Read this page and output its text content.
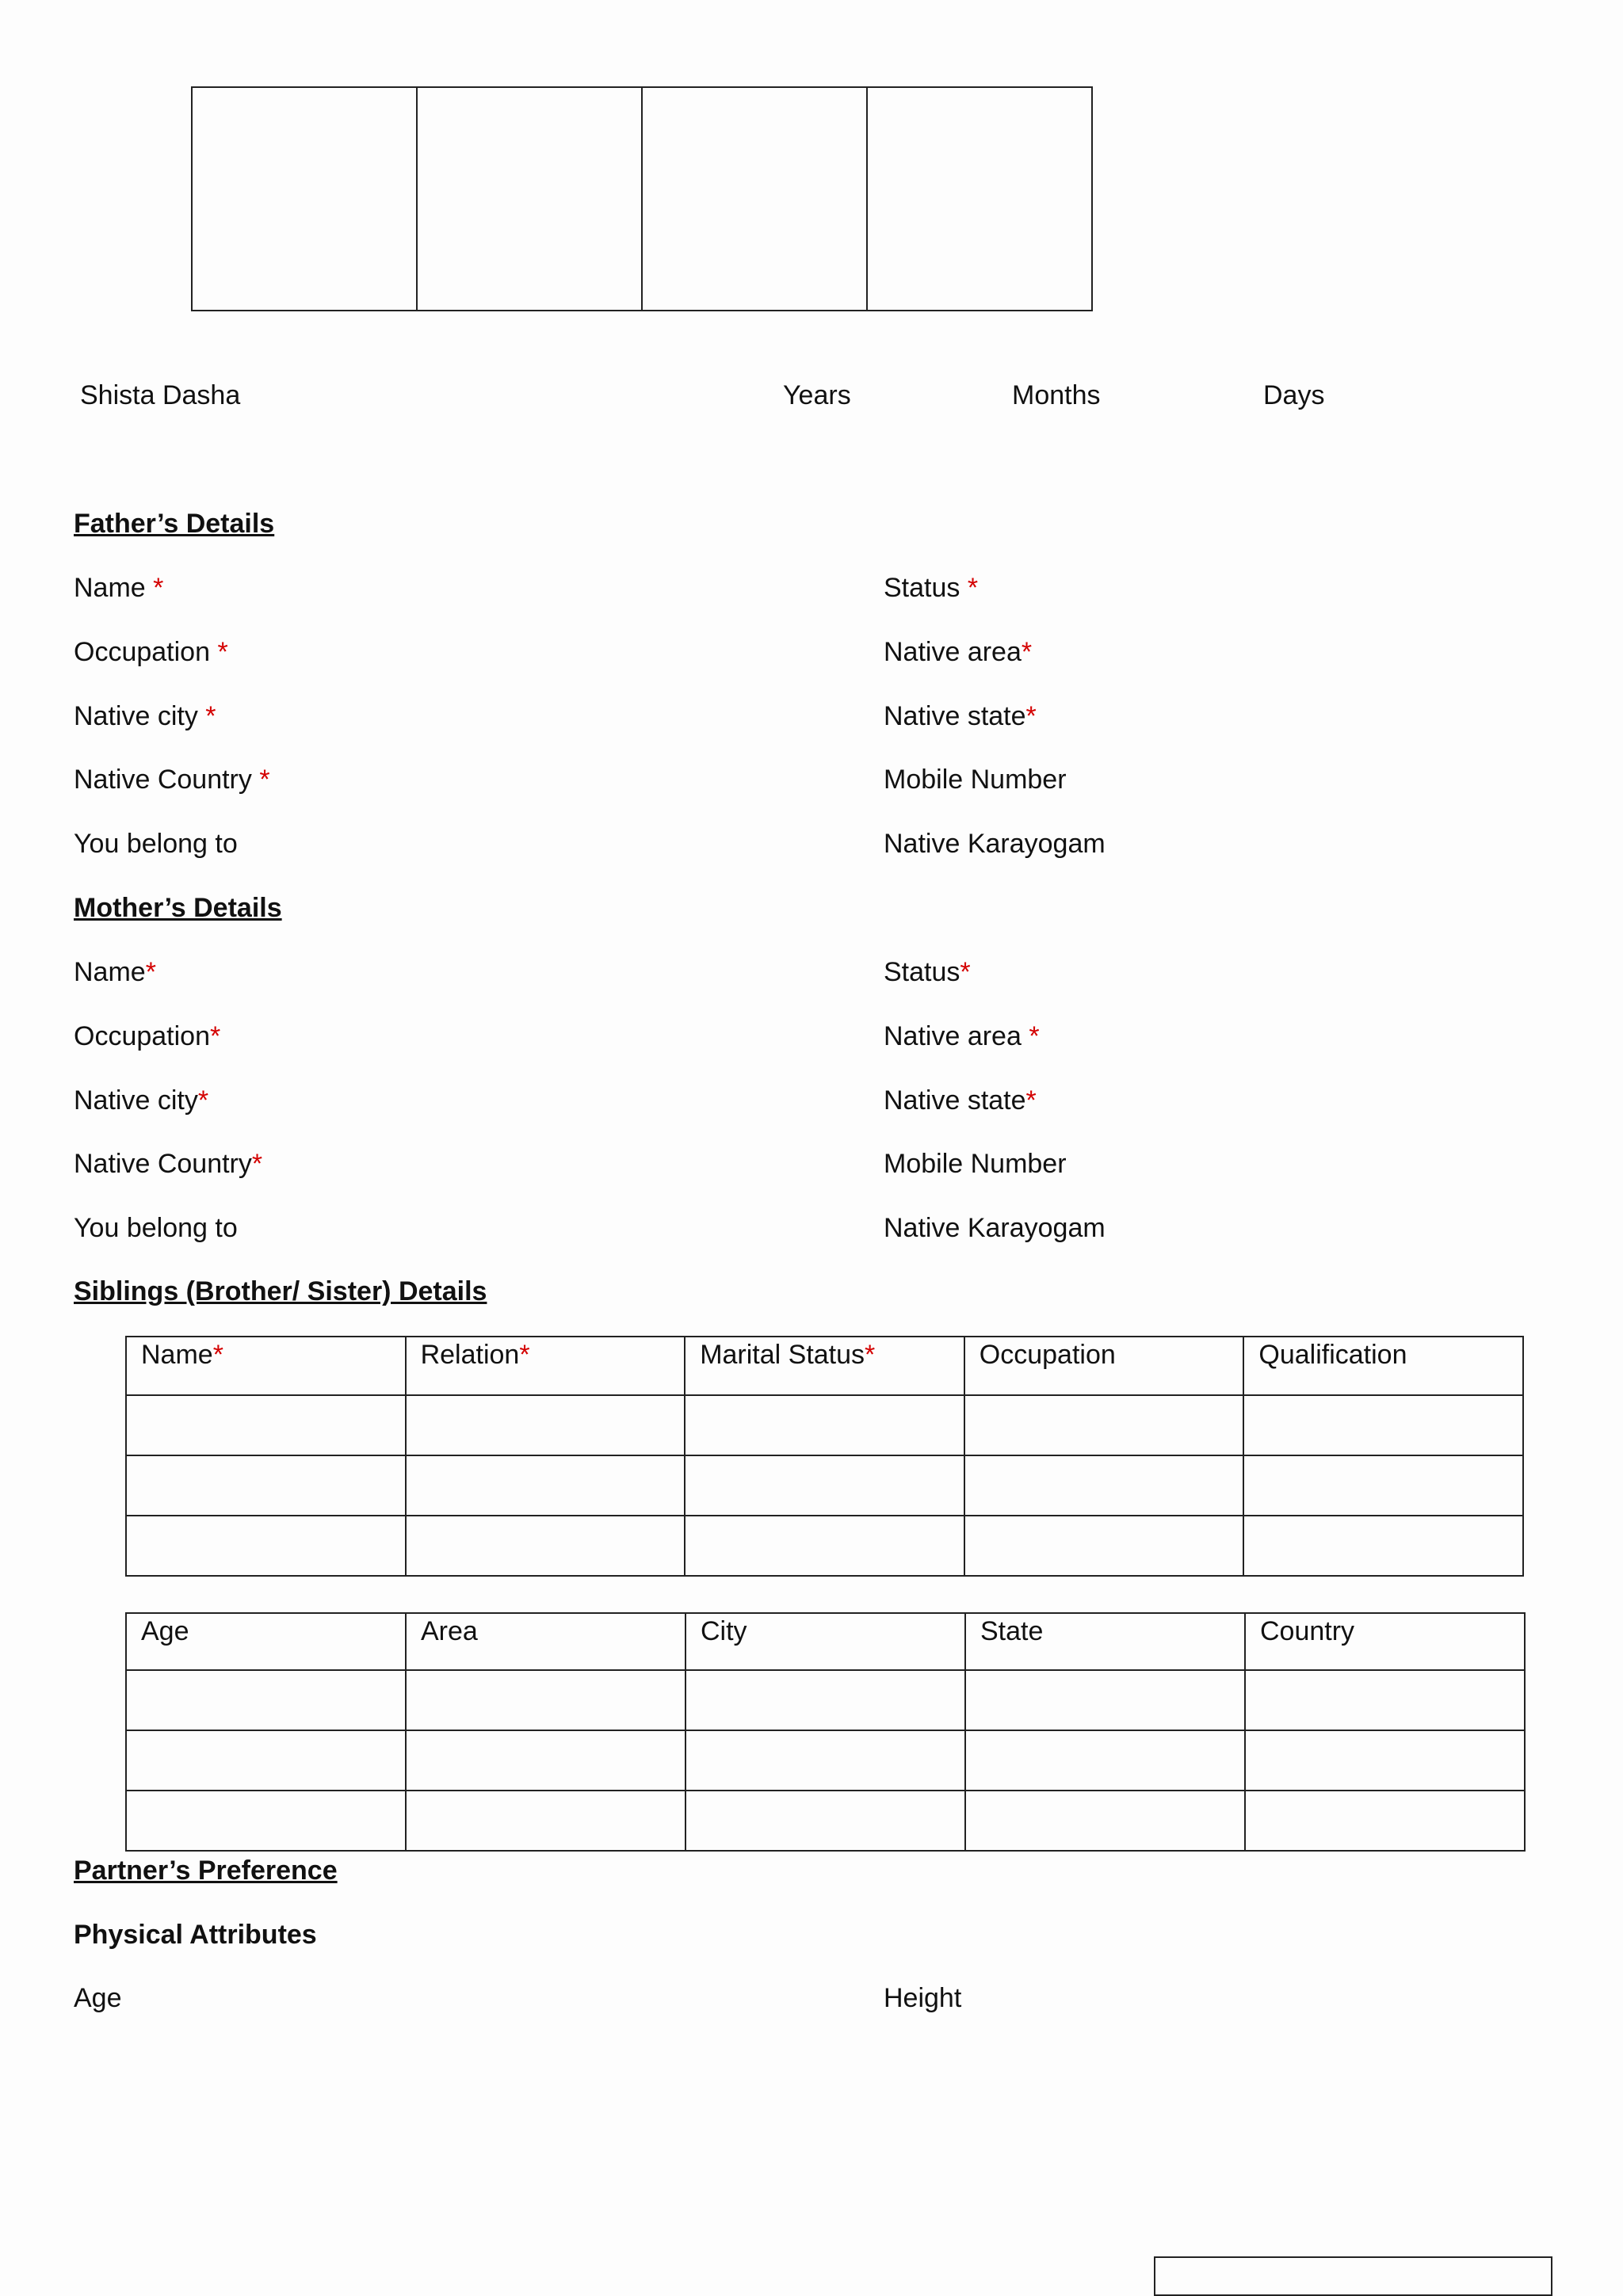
Shista Dasha	Years	Months	Days
Father’s Details
Name *	Status *
Occupation *	Native area*
Native city *	Native state*
Native Country *	Mobile Number
You belong to	Native Karayogam
Mother’s Details
Name*	Status*
Occupation*	Native area *
Native city*	Native state*
Native Country*	Mobile Number
You belong to	Native Karayogam
Siblings (Brother/ Sister) Details
Name*	Relation*	Marital Status*	Occupation	Qualification

Age	Area	City	State	Country

Partner’s Preference
Physical Attributes
Age	Height
